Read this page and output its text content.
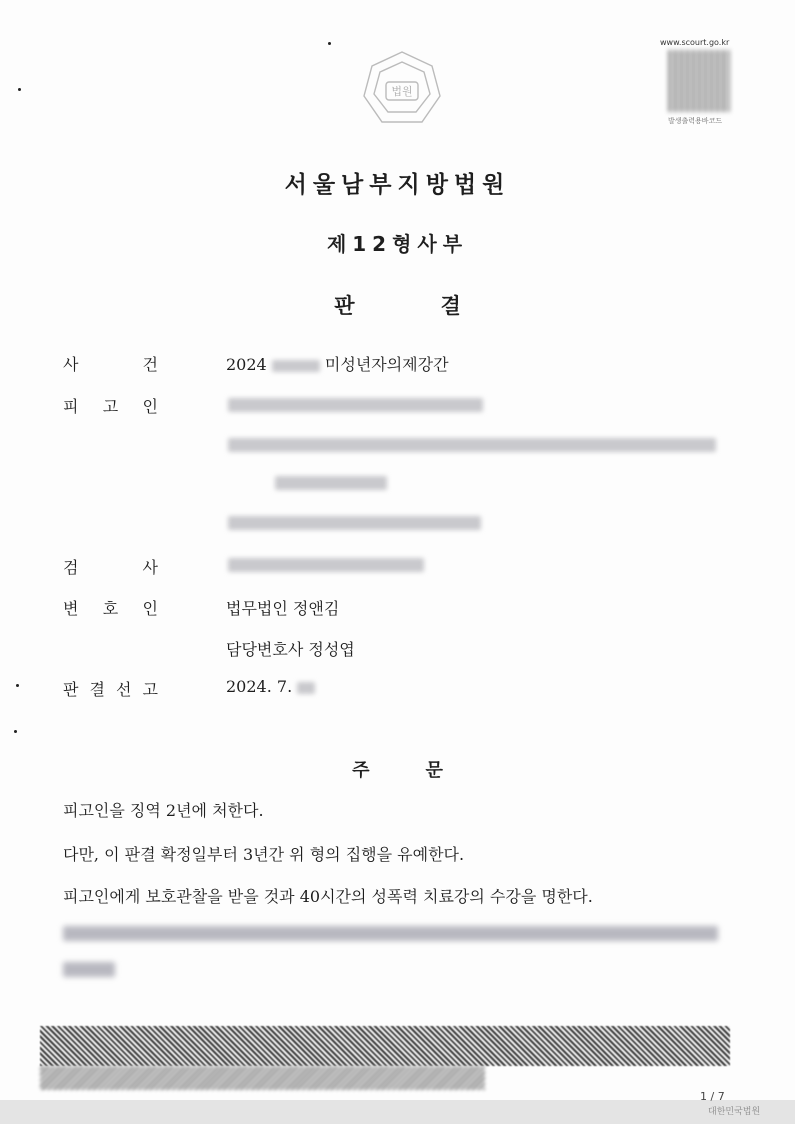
법원
www.scourt.go.kr
발생출력용바코드
서울남부지방법원
제12형사부
판결
사	건	2024	미성년자의제강간
피 고 인
검	사
변 호 인	법무법인 정앤김
담당변호사 정성엽
판 결 선 고	2024. 7.
주문
피고인을 징역 2년에 처한다.
다만, 이 판결 확정일부터 3년간 위 형의 집행을 유예한다.
피고인에게 보호관찰을 받을 것과 40시간의 성폭력 치료강의 수강을 명한다.
1 / 7
대한민국법원
